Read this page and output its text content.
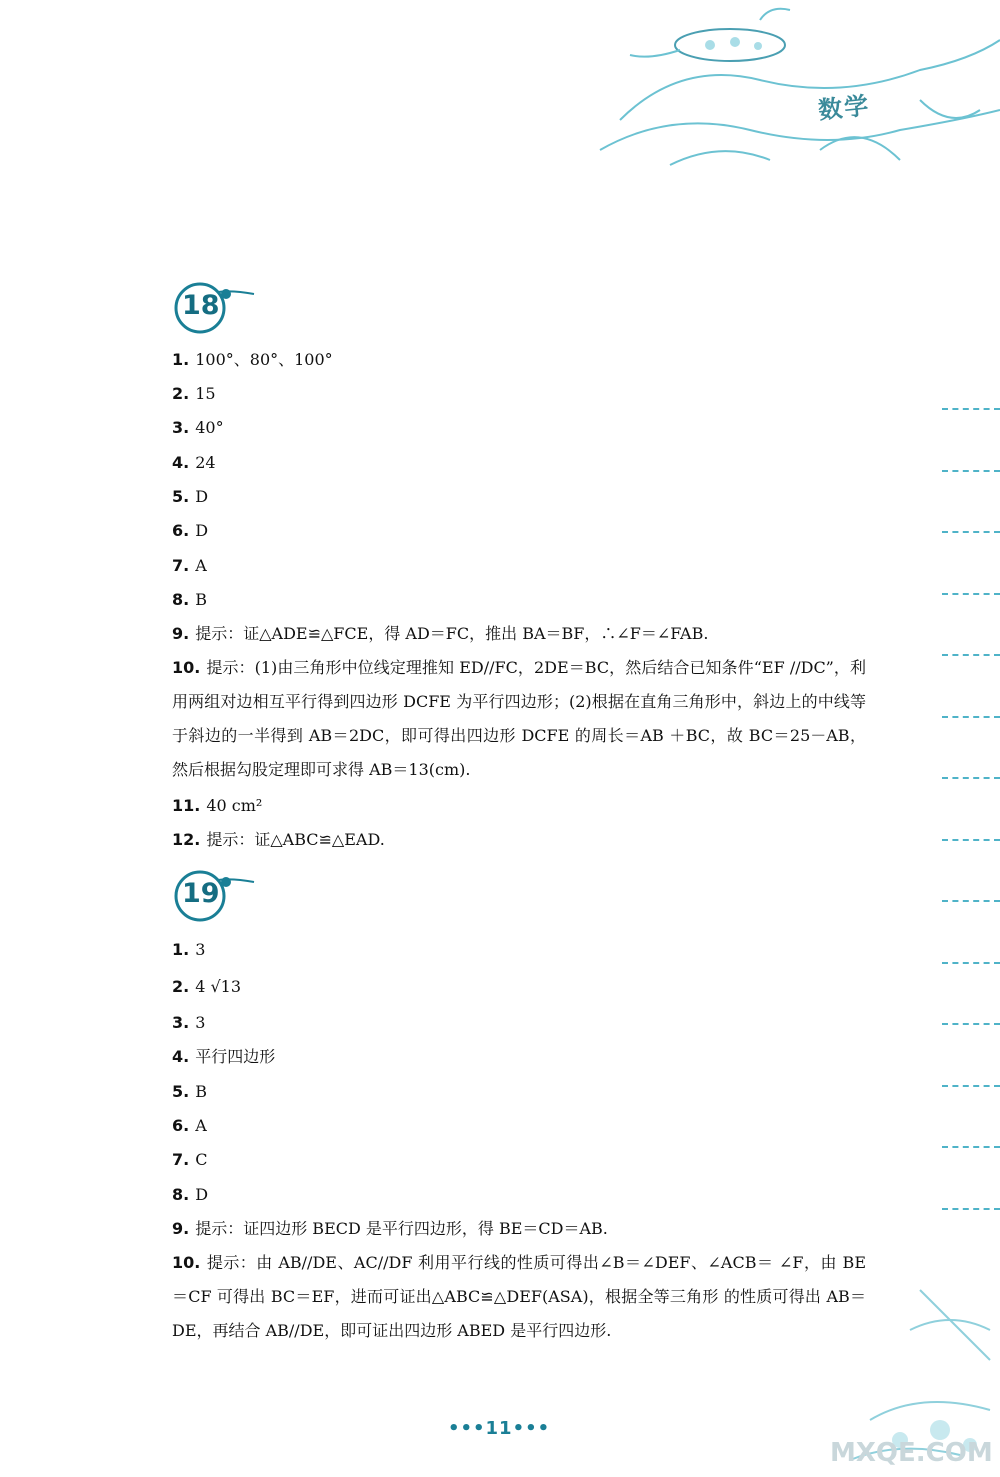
数学
18
1. 100°、80°、100°
2. 15
3. 40°
4. 24
5. D
6. D
7. A
8. B
9. 提示：证△ADE≌△FCE，得 AD＝FC，推出 BA＝BF，∴∠F＝∠FAB.
10. 提示：(1)由三角形中位线定理推知 ED//FC，2DE＝BC，然后结合已知条件“EF //DC”，利用两组对边相互平行得到四边形 DCFE 为平行四边形；(2)根据在直角三角形中，斜边上的中线等于斜边的一半得到 AB＝2DC，即可得出四边形 DCFE 的周长＝AB ＋BC，故 BC＝25－AB，然后根据勾股定理即可求得 AB＝13(cm).
11. 40 cm²
12. 提示：证△ABC≌△EAD.
19
1. 3
2. 4 √13
3. 3
4. 平行四边形
5. B
6. A
7. C
8. D
9. 提示：证四边形 BECD 是平行四边形，得 BE＝CD＝AB.
10. 提示：由 AB//DE、AC//DF 利用平行线的性质可得出∠B＝∠DEF、∠ACB＝ ∠F，由 BE＝CF 可得出 BC＝EF，进而可证出△ABC≌△DEF(ASA)，根据全等三角形 的性质可得出 AB＝DE，再结合 AB//DE，即可证出四边形 ABED 是平行四边形.
MXQE.COM
•••11•••
